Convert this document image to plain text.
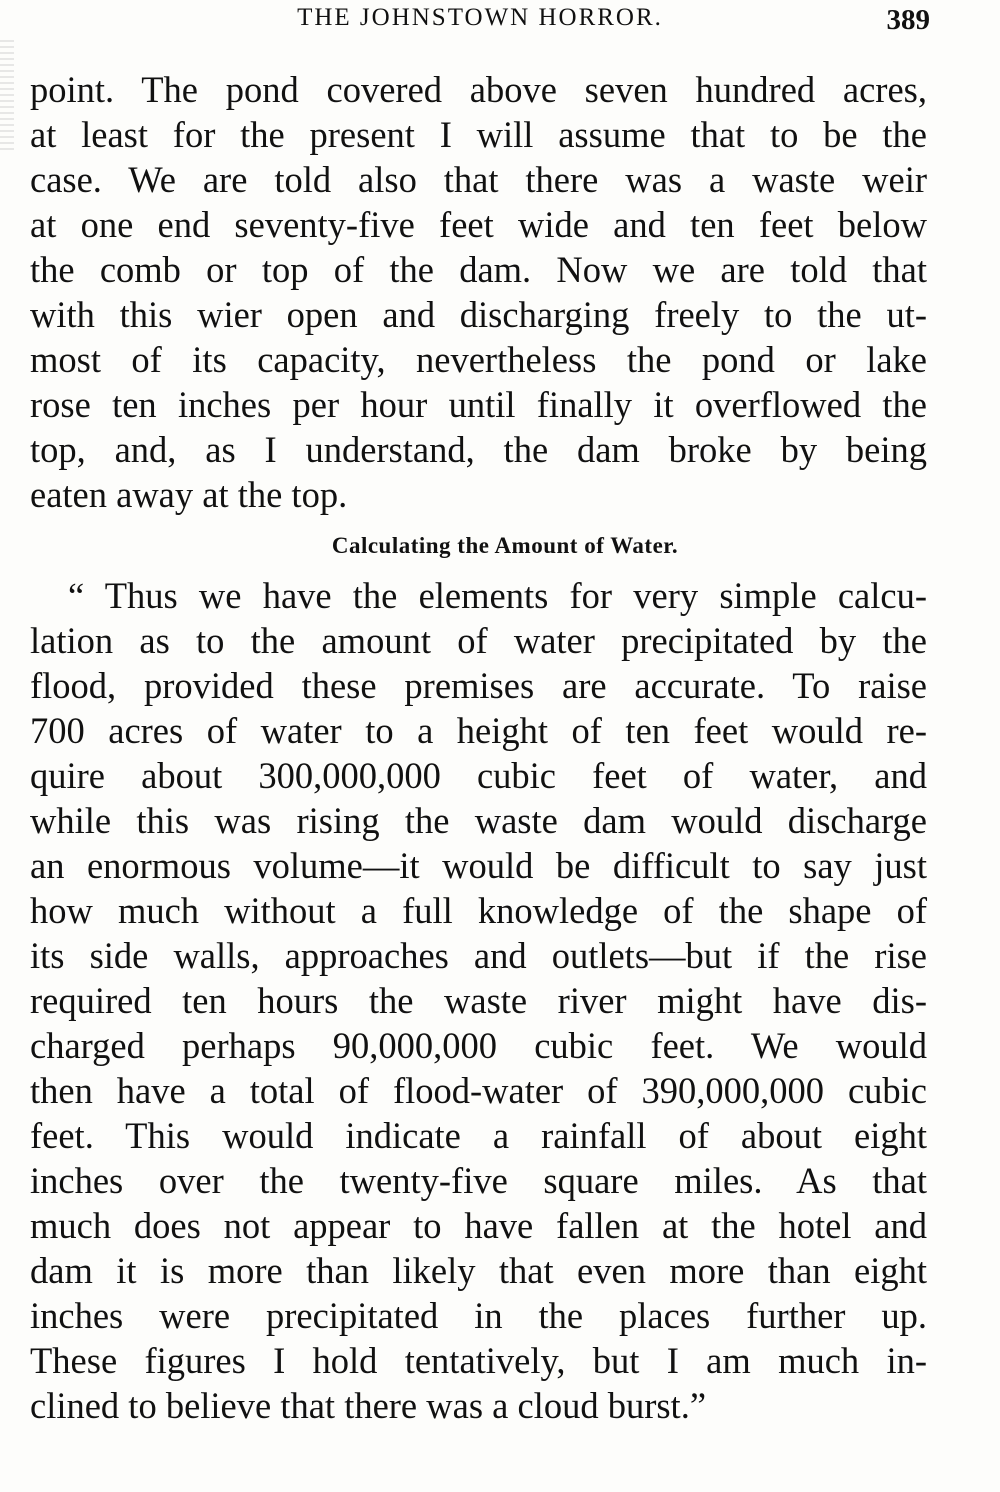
THE JOHNSTOWN HORROR.	389
point. The pond covered above seven hundred acres,
at least for the present I will assume that to be the
case. We are told also that there was a waste weir
at one end seventy-five feet wide and ten feet below
the comb or top of the dam. Now we are told that
with this wier open and discharging freely to the ut-
most of its capacity, nevertheless the pond or lake
rose ten inches per hour until finally it overflowed the
top, and, as I understand, the dam broke by being
eaten away at the top.
Calculating the Amount of Water.
“ Thus we have the elements for very simple calcu-
lation as to the amount of water precipitated by the
flood, provided these premises are accurate. To raise
700 acres of water to a height of ten feet would re-
quire about 300,000,000 cubic feet of water, and
while this was rising the waste dam would discharge
an enormous volume—it would be difficult to say just
how much without a full knowledge of the shape of
its side walls, approaches and outlets—but if the rise
required ten hours the waste river might have dis-
charged perhaps 90,000,000 cubic feet. We would
then have a total of flood-water of 390,000,000 cubic
feet. This would indicate a rainfall of about eight
inches over the twenty-five square miles. As that
much does not appear to have fallen at the hotel and
dam it is more than likely that even more than eight
inches were precipitated in the places further up.
These figures I hold tentatively, but I am much in-
clined to believe that there was a cloud burst.”
